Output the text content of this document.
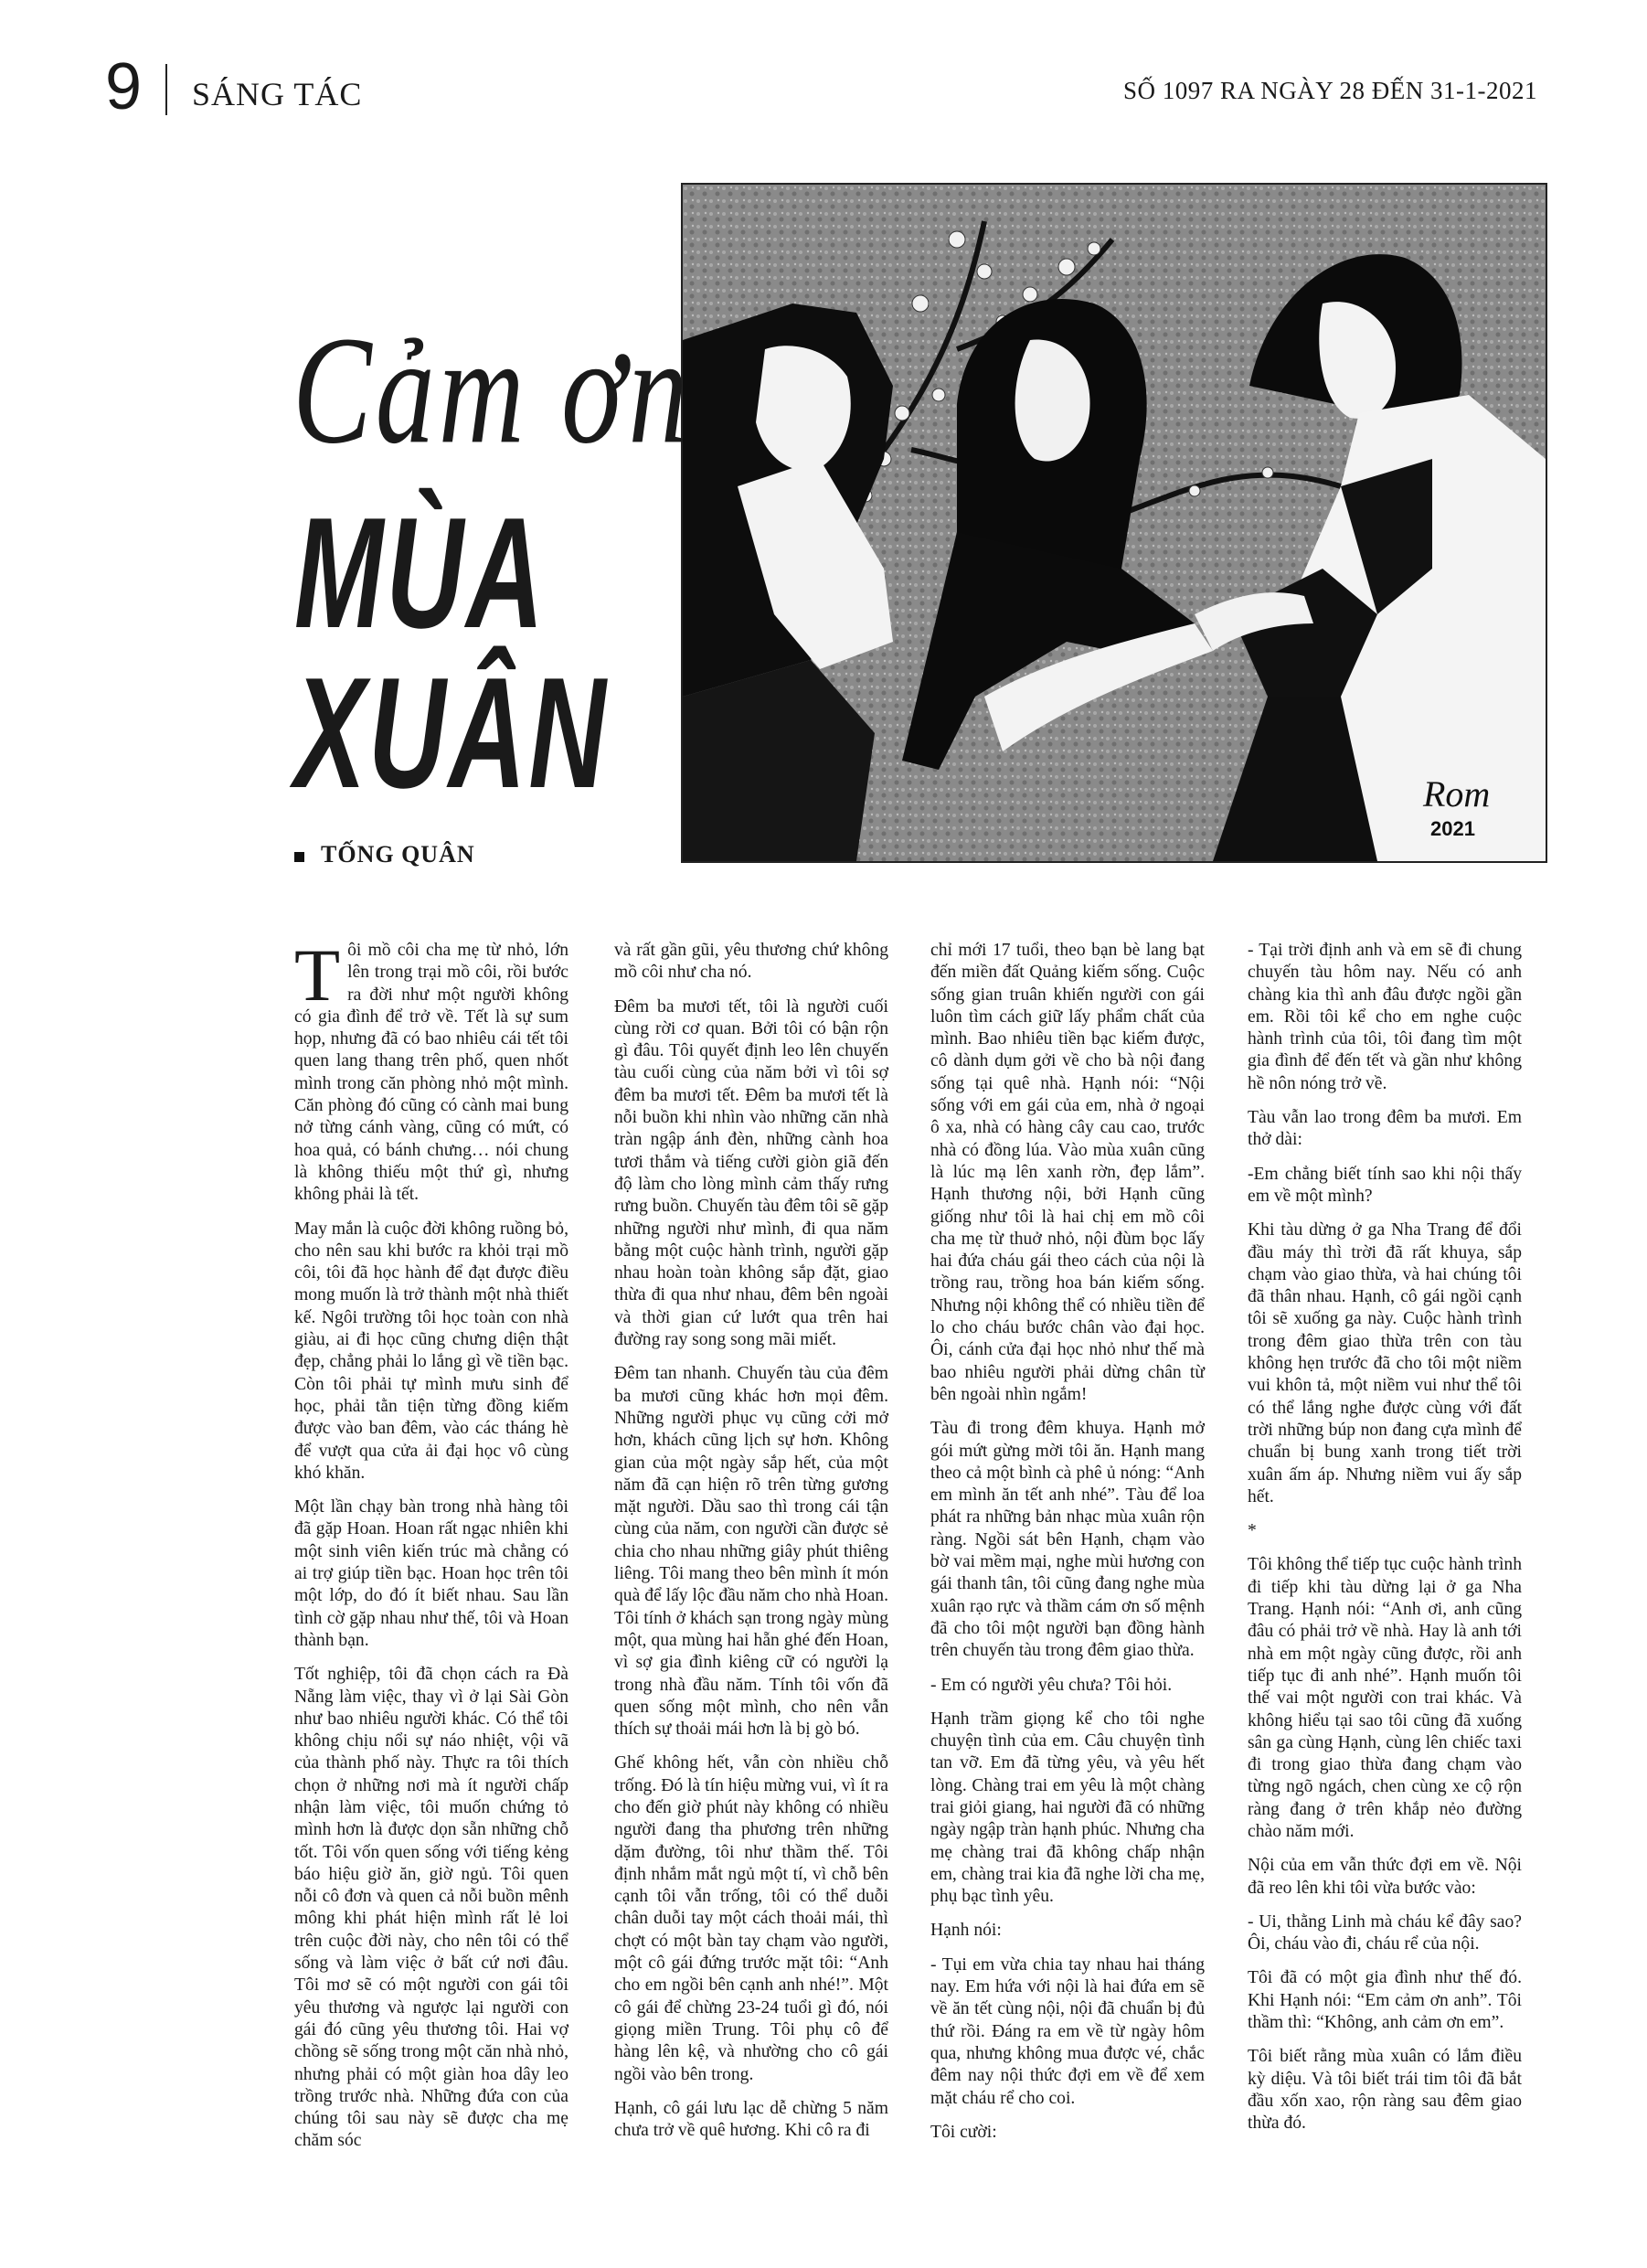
9 SÁNG TÁC	SỐ 1097 RA NGÀY 28 ĐẾN 31-1-2021
Rom
2021
Cảm ơn
MÙA
XUÂN
TỐNG QUÂN

Tôi mồ côi cha mẹ từ nhỏ, lớn lên trong trại mồ côi, rồi bước ra đời như một người không có gia đình để trở về. Tết là sự sum họp, nhưng đã có bao nhiêu cái tết tôi quen lang thang trên phố, quen nhốt mình trong căn phòng nhỏ một mình. Căn phòng đó cũng có cành mai bung nở từng cánh vàng, cũng có mứt, có hoa quả, có bánh chưng… nói chung là không thiếu một thứ gì, nhưng không phải là tết.

May mắn là cuộc đời không ruồng bỏ, cho nên sau khi bước ra khỏi trại mồ côi, tôi đã học hành để đạt được điều mong muốn là trở thành một nhà thiết kế. Ngôi trường tôi học toàn con nhà giàu, ai đi học cũng chưng diện thật đẹp, chẳng phải lo lắng gì về tiền bạc. Còn tôi phải tự mình mưu sinh để học, phải tằn tiện từng đồng kiếm được vào ban đêm, vào các tháng hè để vượt qua cửa ải đại học vô cùng khó khăn.

Một lần chạy bàn trong nhà hàng tôi đã gặp Hoan. Hoan rất ngạc nhiên khi một sinh viên kiến trúc mà chẳng có ai trợ giúp tiền bạc. Hoan học trên tôi một lớp, do đó ít biết nhau. Sau lần tình cờ gặp nhau như thế, tôi và Hoan thành bạn.

Tốt nghiệp, tôi đã chọn cách ra Đà Nẵng làm việc, thay vì ở lại Sài Gòn như bao nhiêu người khác. Có thể tôi không chịu nổi sự náo nhiệt, vội vã của thành phố này. Thực ra tôi thích chọn ở những nơi mà ít người chấp nhận làm việc, tôi muốn chứng tỏ mình hơn là được dọn sẵn những chỗ tốt. Tôi vốn quen sống với tiếng kẻng báo hiệu giờ ăn, giờ ngủ. Tôi quen nỗi cô đơn và quen cả nỗi buồn mênh mông khi phát hiện mình rất lẻ loi trên cuộc đời này, cho nên tôi có thể sống và làm việc ở bất cứ nơi đâu. Tôi mơ sẽ có một người con gái tôi yêu thương và ngược lại người con gái đó cũng yêu thương tôi. Hai vợ chồng sẽ sống trong một căn nhà nhỏ, nhưng phải có một giàn hoa dây leo trồng trước nhà. Những đứa con của chúng tôi sau này sẽ được cha mẹ chăm sóc

và rất gần gũi, yêu thương chứ không mồ côi như cha nó.

Đêm ba mươi tết, tôi là người cuối cùng rời cơ quan. Bởi tôi có bận rộn gì đâu. Tôi quyết định leo lên chuyến tàu cuối cùng của năm bởi vì tôi sợ đêm ba mươi tết. Đêm ba mươi tết là nỗi buồn khi nhìn vào những căn nhà tràn ngập ánh đèn, những cành hoa tươi thắm và tiếng cười giòn giã đến độ làm cho lòng mình cảm thấy rưng rưng buồn. Chuyến tàu đêm tôi sẽ gặp những người như mình, đi qua năm bằng một cuộc hành trình, người gặp nhau hoàn toàn không sắp đặt, giao thừa đi qua như nhau, đêm bên ngoài và thời gian cứ lướt qua trên hai đường ray song song mãi miết.

Đêm tan nhanh. Chuyến tàu của đêm ba mươi cũng khác hơn mọi đêm. Những người phục vụ cũng cởi mở hơn, khách cũng lịch sự hơn. Không gian của một ngày sắp hết, của một năm đã cạn hiện rõ trên từng gương mặt người. Dầu sao thì trong cái tận cùng của năm, con người cần được sẻ chia cho nhau những giây phút thiêng liêng. Tôi mang theo bên mình ít món quà để lấy lộc đầu năm cho nhà Hoan. Tôi tính ở khách sạn trong ngày mùng một, qua mùng hai hẵn ghé đến Hoan, vì sợ gia đình kiêng cữ có người lạ trong nhà đầu năm. Tính tôi vốn đã quen sống một mình, cho nên vẫn thích sự thoải mái hơn là bị gò bó.

Ghế không hết, vẫn còn nhiều chỗ trống. Đó là tín hiệu mừng vui, vì ít ra cho đến giờ phút này không có nhiều người đang tha phương trên những dặm đường, tôi như thầm thế. Tôi định nhắm mắt ngủ một tí, vì chỗ bên cạnh tôi vẫn trống, tôi có thể duỗi chân duỗi tay một cách thoải mái, thì chợt có một bàn tay chạm vào người, một cô gái đứng trước mặt tôi: “Anh cho em ngồi bên cạnh anh nhé!”. Một cô gái để chừng 23-24 tuổi gì đó, nói giọng miền Trung. Tôi phụ cô để hàng lên kệ, và nhường cho cô gái ngồi vào bên trong.

Hạnh, cô gái lưu lạc dễ chừng 5 năm chưa trở về quê hương. Khi cô ra đi

chỉ mới 17 tuổi, theo bạn bè lang bạt đến miền đất Quảng kiếm sống. Cuộc sống gian truân khiến người con gái luôn tìm cách giữ lấy phẩm chất của mình. Bao nhiêu tiền bạc kiếm được, cô dành dụm gởi về cho bà nội đang sống tại quê nhà. Hạnh nói: “Nội sống với em gái của em, nhà ở ngoại ô xa, nhà có hàng cây cau cao, trước nhà có đồng lúa. Vào mùa xuân cũng là lúc mạ lên xanh rờn, đẹp lắm”. Hạnh thương nội, bởi Hạnh cũng giống như tôi là hai chị em mồ côi cha mẹ từ thuở nhỏ, nội đùm bọc lấy hai đứa cháu gái theo cách của nội là trồng rau, trồng hoa bán kiếm sống. Nhưng nội không thể có nhiều tiền để lo cho cháu bước chân vào đại học. Ôi, cánh cửa đại học nhỏ như thế mà bao nhiêu người phải dừng chân từ bên ngoài nhìn ngắm!

Tàu đi trong đêm khuya. Hạnh mở gói mứt gừng mời tôi ăn. Hạnh mang theo cả một bình cà phê ủ nóng: “Anh em mình ăn tết anh nhé”. Tàu để loa phát ra những bản nhạc mùa xuân rộn ràng. Ngồi sát bên Hạnh, chạm vào bờ vai mềm mại, nghe mùi hương con gái thanh tân, tôi cũng đang nghe mùa xuân rạo rực và thầm cám ơn số mệnh đã cho tôi một người bạn đồng hành trên chuyến tàu trong đêm giao thừa.

- Em có người yêu chưa? Tôi hỏi.

Hạnh trầm giọng kể cho tôi nghe chuyện tình của em. Câu chuyện tình tan vỡ. Em đã từng yêu, và yêu hết lòng. Chàng trai em yêu là một chàng trai giỏi giang, hai người đã có những ngày ngập tràn hạnh phúc. Nhưng cha mẹ chàng trai đã không chấp nhận em, chàng trai kia đã nghe lời cha mẹ, phụ bạc tình yêu.

Hạnh nói:

- Tụi em vừa chia tay nhau hai tháng nay. Em hứa với nội là hai đứa em sẽ về ăn tết cùng nội, nội đã chuẩn bị đủ thứ rồi. Đáng ra em về từ ngày hôm qua, nhưng không mua được vé, chắc đêm nay nội thức đợi em về để xem mặt cháu rể cho coi.

Tôi cười:

- Tại trời định anh và em sẽ đi chung chuyến tàu hôm nay. Nếu có anh chàng kia thì anh đâu được ngồi gần em. Rồi tôi kể cho em nghe cuộc hành trình của tôi, tôi đang tìm một gia đình để đến tết và gần như không hề nôn nóng trở về.

Tàu vẫn lao trong đêm ba mươi. Em thở dài:

-Em chẳng biết tính sao khi nội thấy em về một mình?

Khi tàu dừng ở ga Nha Trang để đổi đầu máy thì trời đã rất khuya, sắp chạm vào giao thừa, và hai chúng tôi đã thân nhau. Hạnh, cô gái ngồi cạnh tôi sẽ xuống ga này. Cuộc hành trình trong đêm giao thừa trên con tàu không hẹn trước đã cho tôi một niềm vui khôn tả, một niềm vui như thể tôi có thể lắng nghe được cùng với đất trời những búp non đang cựa mình để chuẩn bị bung xanh trong tiết trời xuân ấm áp. Nhưng niềm vui ấy sắp hết.

*

Tôi không thể tiếp tục cuộc hành trình đi tiếp khi tàu dừng lại ở ga Nha Trang. Hạnh nói: “Anh ơi, anh cũng đâu có phải trở về nhà. Hay là anh tới nhà em một ngày cũng được, rồi anh tiếp tục đi anh nhé”. Hạnh muốn tôi thế vai một người con trai khác. Và không hiểu tại sao tôi cũng đã xuống sân ga cùng Hạnh, cùng lên chiếc taxi đi trong giao thừa đang chạm vào từng ngõ ngách, chen cùng xe cộ rộn ràng đang ở trên khắp nẻo đường chào năm mới.

Nội của em vẫn thức đợi em về. Nội đã reo lên khi tôi vừa bước vào:

- Ui, thằng Linh mà cháu kể đây sao? Ôi, cháu vào đi, cháu rể của nội.

Tôi đã có một gia đình như thế đó. Khi Hạnh nói: “Em cảm ơn anh”. Tôi thầm thì: “Không, anh cảm ơn em”.

Tôi biết rằng mùa xuân có lắm điều kỳ diệu. Và tôi biết trái tim tôi đã bắt đầu xốn xao, rộn ràng sau đêm giao thừa đó.
